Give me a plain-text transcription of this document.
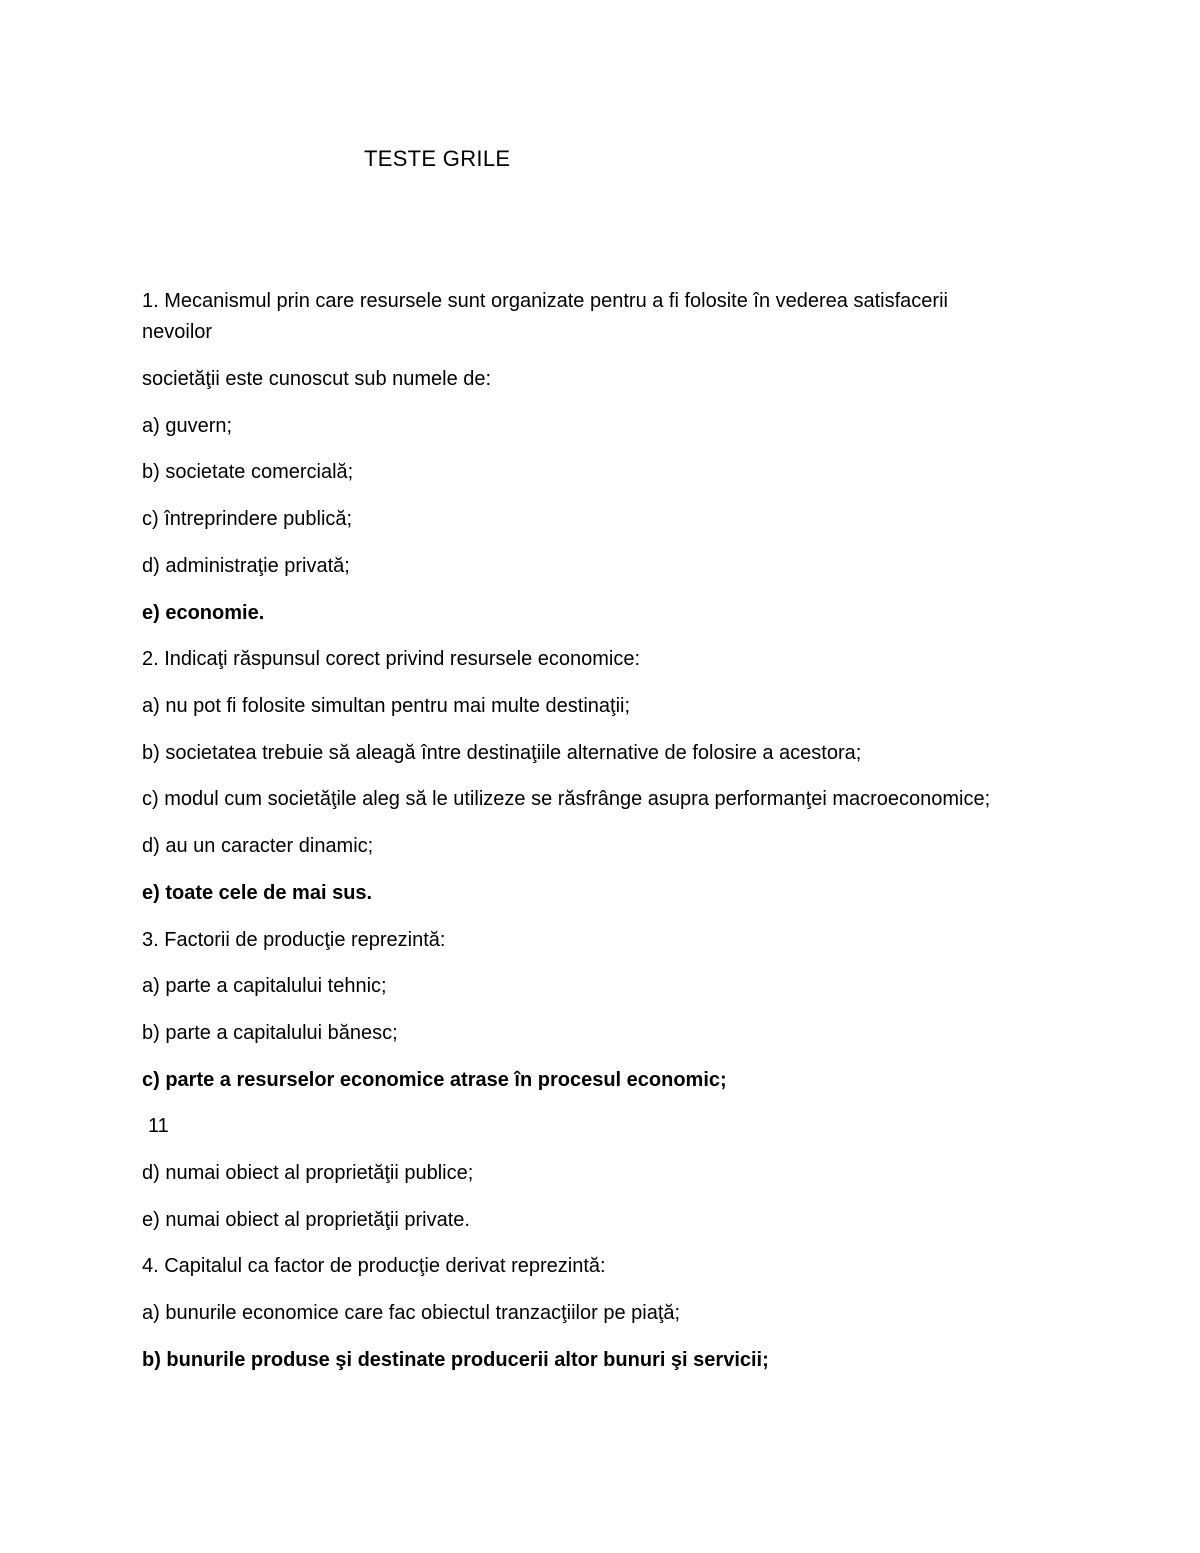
TESTE GRILE
1. Mecanismul prin care resursele sunt organizate pentru a fi folosite în vederea satisfacerii
nevoilor
societăţii este cunoscut sub numele de:
a) guvern;
b) societate comercială;
c) întreprindere publică;
d) administraţie privată;
e) economie.
2. Indicaţi răspunsul corect privind resursele economice:
a) nu pot fi folosite simultan pentru mai multe destinaţii;
b) societatea trebuie să aleagă între destinaţiile alternative de folosire a acestora;
c) modul cum societăţile aleg să le utilizeze se răsfrânge asupra performanţei macroeconomice;
d) au un caracter dinamic;
e) toate cele de mai sus.
3. Factorii de producţie reprezintă:
a) parte a capitalului tehnic;
b) parte a capitalului bănesc;
c) parte a resurselor economice atrase în procesul economic;
11
d) numai obiect al proprietăţii publice;
e) numai obiect al proprietăţii private.
4. Capitalul ca factor de producţie derivat reprezintă:
a) bunurile economice care fac obiectul tranzacţiilor pe piaţă;
b) bunurile produse şi destinate producerii altor bunuri şi servicii;
